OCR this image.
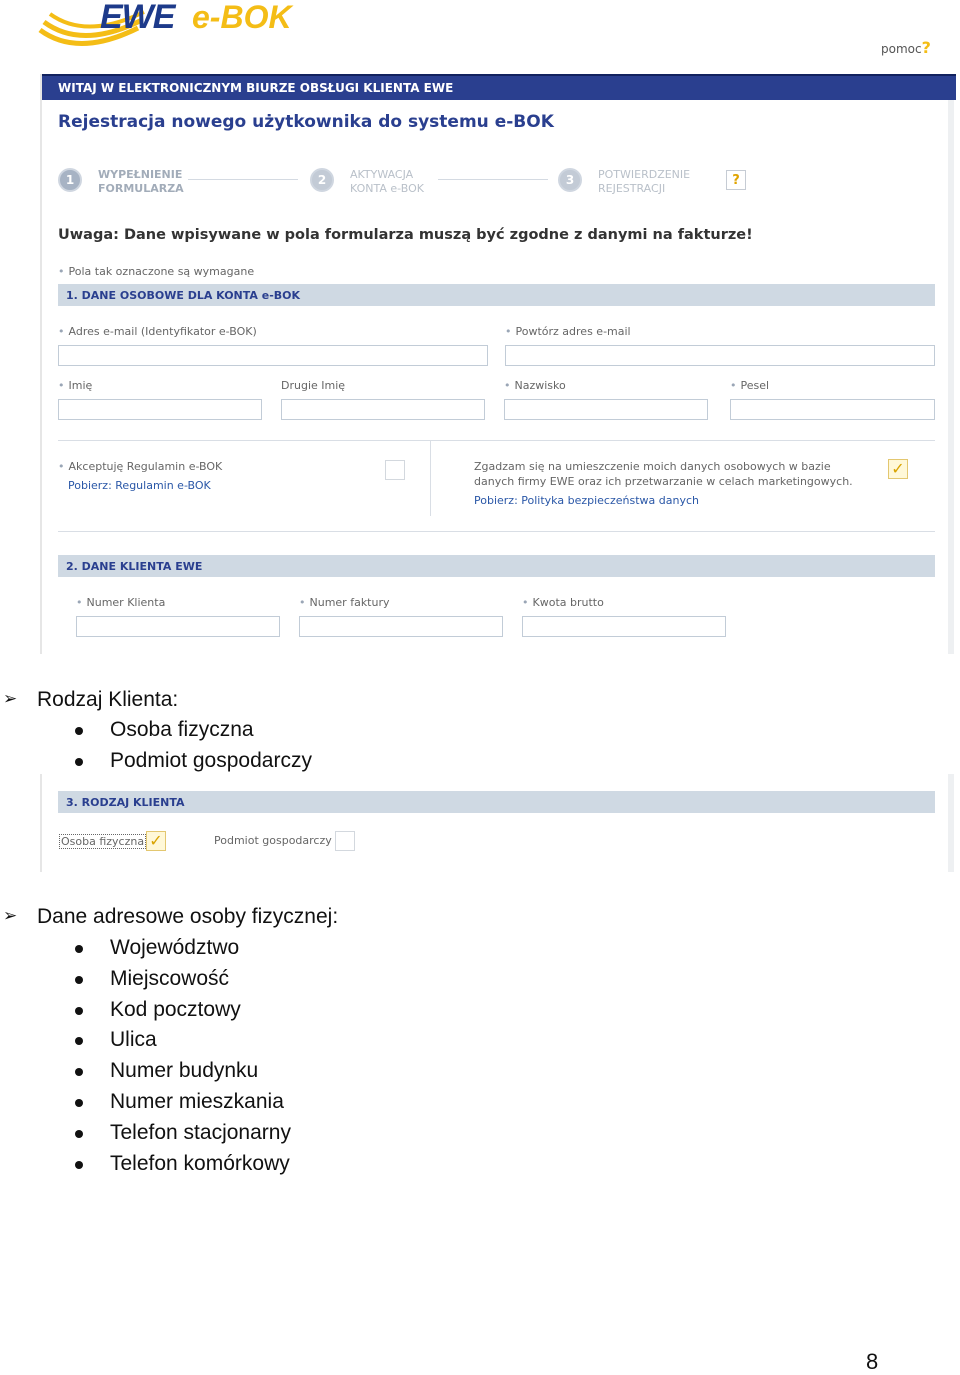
EWE e-BOK
pomoc?
WITAJ W ELEKTRONICZNYM BIURZE OBSŁUGI KLIENTA EWE
Rejestracja nowego użytkownika do systemu e-BOK
1	WYPEŁNIENIE
FORMULARZA
2	AKTYWACJA
KONTA e-BOK
3	POTWIERDZENIE
REJESTRACJI
?
Uwaga: Dane wpisywane w pola formularza muszą być zgodne z danymi na fakturze!
• Pola tak oznaczone są wymagane
1. DANE OSOBOWE DLA KONTA e-BOK
• Adres e-mail (Identyfikator e-BOK)	• Powtórz adres e-mail
• Imię	Drugie Imię	• Nazwisko	• Pesel
• Akceptuję Regulamin e-BOK
Pobierz: Regulamin e-BOK
Zgadzam się na umieszczenie moich danych osobowych w bazie
danych firmy EWE oraz ich przetwarzanie w celach marketingowych.
Pobierz: Polityka bezpieczeństwa danych
✓
2. DANE KLIENTA EWE
• Numer Klienta	• Numer faktury	• Kwota brutto
➢ Rodzaj Klienta:
Osoba fizyczna
Podmiot gospodarczy
3. RODZAJ KLIENTA
Osoba fizyczna ✓	Podmiot gospodarczy
➢ Dane adresowe osoby fizycznej:
Województwo
Miejscowość
Kod pocztowy
Ulica
Numer budynku
Numer mieszkania
Telefon stacjonarny
Telefon komórkowy
8
